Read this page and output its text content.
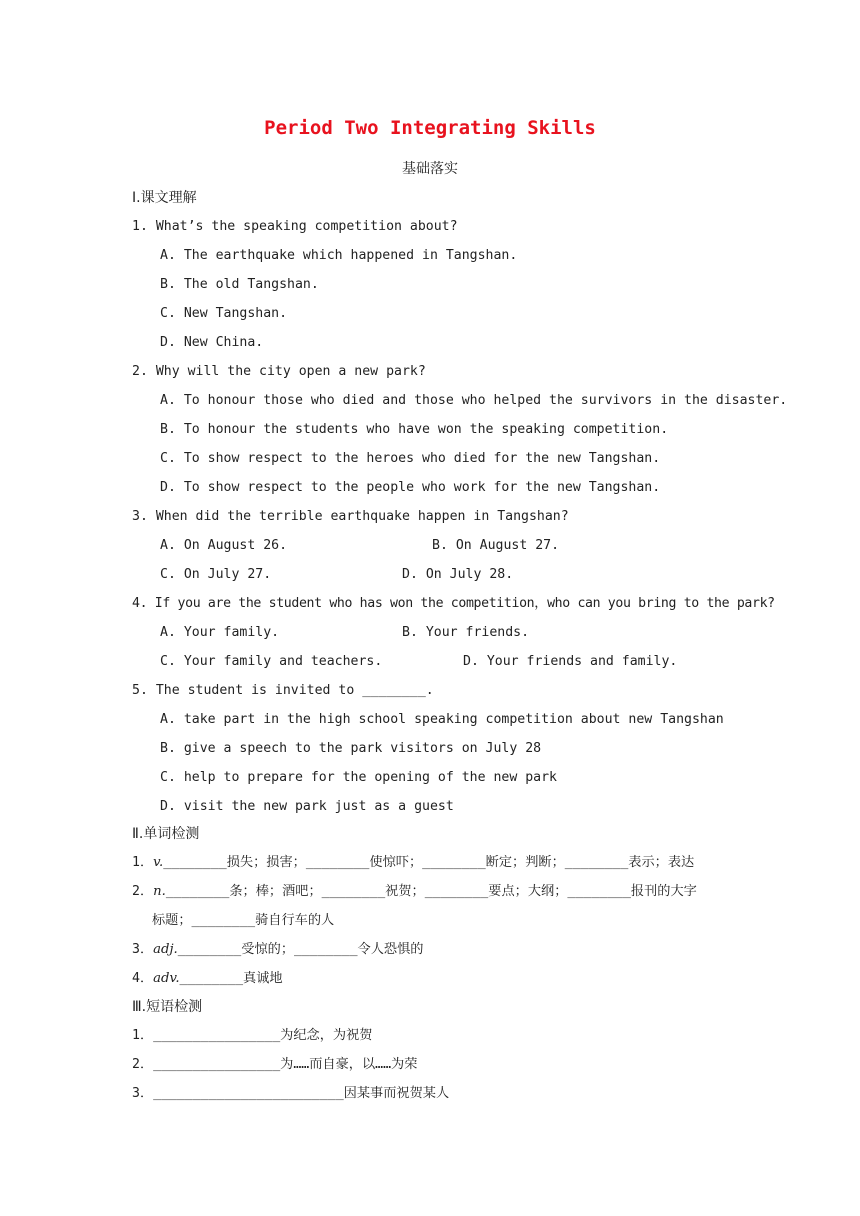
Period Two Integrating Skills
基础落实
Ⅰ.课文理解
1. What’s the speaking competition about?
A. The earthquake which happened in Tangshan.
B. The old Tangshan.
C. New Tangshan.
D. New China.
2. Why will the city open a new park?
A. To honour those who died and those who helped the survivors in the disaster.
B. To honour the students who have won the speaking competition.
C. To show respect to the heroes who died for the new Tangshan.
D. To show respect to the people who work for the new Tangshan.
3. When did the terrible earthquake happen in Tangshan?
A. On August 26.	B. On August 27.
C. On July 27.	D. On July 28.
4. If you are the student who has won the competition，who can you bring to the park?
A. Your family.	B. Your friends.
C. Your family and teachers.	D. Your friends and family.
5. The student is invited to ________.
A. take part in the high school speaking competition about new Tangshan
B. give a speech to the park visitors on July 28
C. help to prepare for the opening of the new park
D. visit the new park just as a guest
Ⅱ.单词检测
1．v.________损失；损害；________使惊吓；________断定；判断；________表示；表达
2．n.________条；棒；酒吧；________祝贺；________要点；大纲；________报刊的大字
标题；________骑自行车的人
3．adj.________受惊的；________令人恐惧的
4．adv.________真诚地
Ⅲ.短语检测
1．________________为纪念，为祝贺
2．________________为……而自豪，以……为荣
3．________________________因某事而祝贺某人
